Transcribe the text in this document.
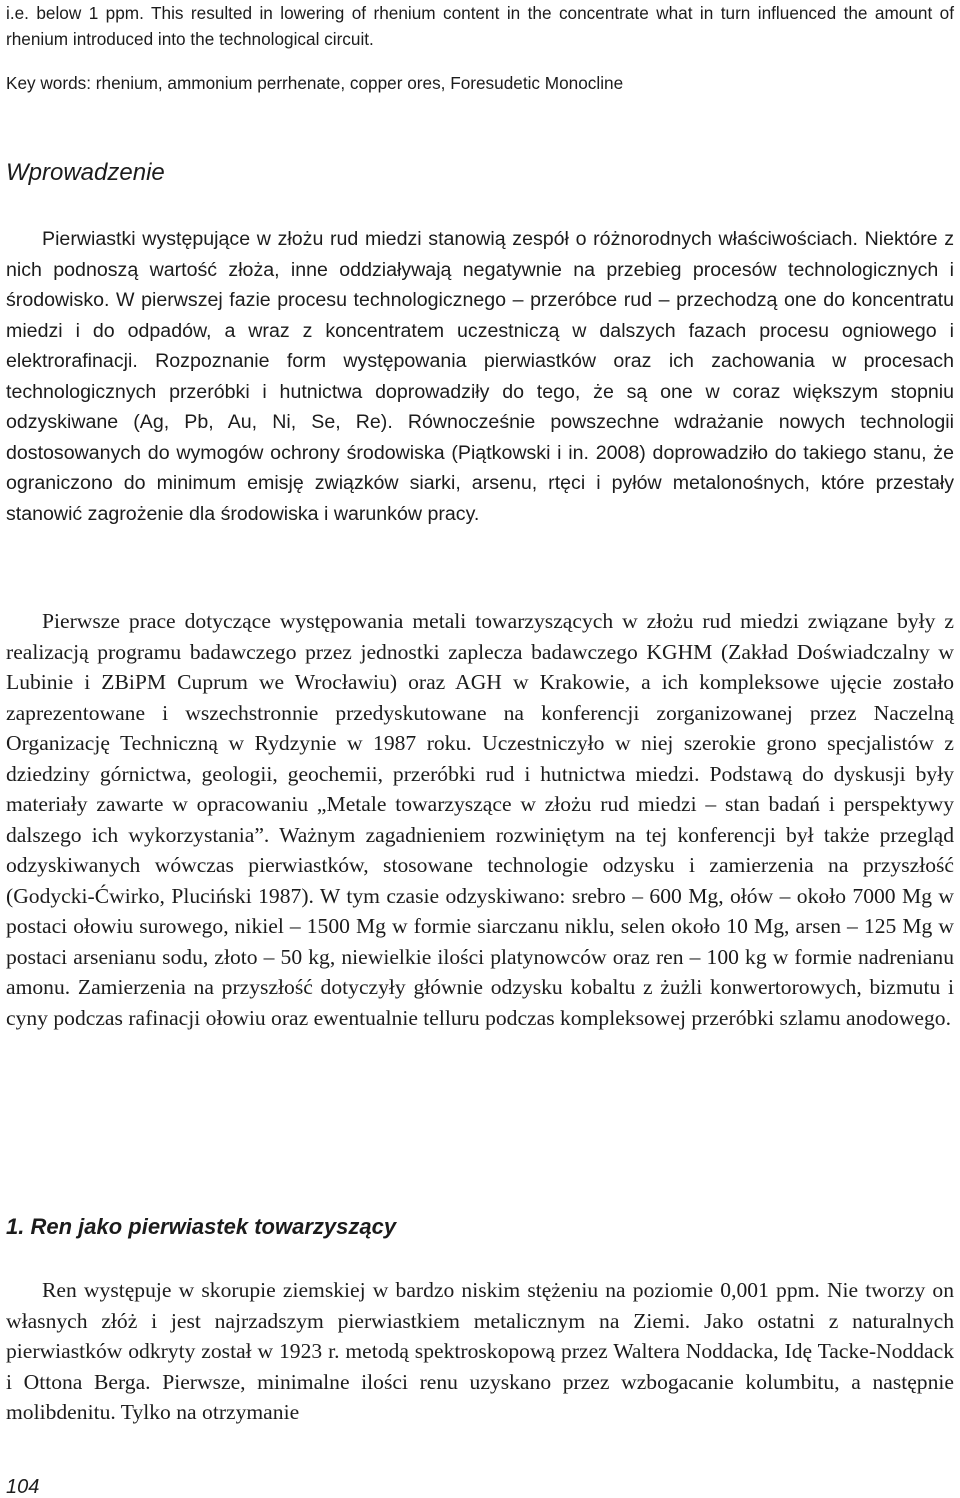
i.e. below 1 ppm. This resulted in lowering of rhenium content in the concentrate what in turn influenced the amount of rhenium introduced into the technological circuit.

Key words: rhenium, ammonium perrhenate, copper ores, Foresudetic Monocline

Wprowadzenie

Pierwiastki występujące w złożu rud miedzi stanowią zespół o różnorodnych właściwościach. Niektóre z nich podnoszą wartość złoża, inne oddziaływają negatywnie na przebieg procesów technologicznych i środowisko. W pierwszej fazie procesu technologicznego – przeróbce rud – przechodzą one do koncentratu miedzi i do odpadów, a wraz z koncentratem uczestniczą w dalszych fazach procesu ogniowego i elektrorafinacji. Rozpoznanie form występowania pierwiastków oraz ich zachowania w procesach technologicznych przeróbki i hutnictwa doprowadziły do tego, że są one w coraz większym stopniu odzyskiwane (Ag, Pb, Au, Ni, Se, Re). Równocześnie powszechne wdrażanie nowych technologii dostosowanych do wymogów ochrony środowiska (Piątkowski i in. 2008) doprowadziło do takiego stanu, że ograniczono do minimum emisję związków siarki, arsenu, rtęci i pyłów metalonośnych, które przestały stanowić zagrożenie dla środowiska i warunków pracy.

Pierwsze prace dotyczące występowania metali towarzyszących w złożu rud miedzi związane były z realizacją programu badawczego przez jednostki zaplecza badawczego KGHM (Zakład Doświadczalny w Lubinie i ZBiPM Cuprum we Wrocławiu) oraz AGH w Krakowie, a ich kompleksowe ujęcie zostało zaprezentowane i wszechstronnie przedyskutowane na konferencji zorganizowanej przez Naczelną Organizację Techniczną w Rydzynie w 1987 roku. Uczestniczyło w niej szerokie grono specjalistów z dziedziny górnictwa, geologii, geochemii, przeróbki rud i hutnictwa miedzi. Podstawą do dyskusji były materiały zawarte w opracowaniu „Metale towarzyszące w złożu rud miedzi – stan badań i perspektywy dalszego ich wykorzystania”. Ważnym zagadnieniem rozwiniętym na tej konferencji był także przegląd odzyskiwanych wówczas pierwiastków, stosowane technologie odzysku i zamierzenia na przyszłość (Godycki-Ćwirko, Pluciński 1987). W tym czasie odzyskiwano: srebro – 600 Mg, ołów – około 7000 Mg w postaci ołowiu surowego, nikiel – 1500 Mg w formie siarczanu niklu, selen około 10 Mg, arsen – 125 Mg w postaci arsenianu sodu, złoto – 50 kg, niewielkie ilości platynowców oraz ren – 100 kg w formie nadrenianu amonu. Zamierzenia na przyszłość dotyczyły głównie odzysku kobaltu z żużli konwertorowych, bizmutu i cyny podczas rafinacji ołowiu oraz ewentualnie telluru podczas kompleksowej przeróbki szlamu anodowego.

1. Ren jako pierwiastek towarzyszący

Ren występuje w skorupie ziemskiej w bardzo niskim stężeniu na poziomie 0,001 ppm. Nie tworzy on własnych złóż i jest najrzadszym pierwiastkiem metalicznym na Ziemi. Jako ostatni z naturalnych pierwiastków odkryty został w 1923 r. metodą spektroskopową przez Waltera Noddacka, Idę Tacke-Noddack i Ottona Berga. Pierwsze, minimalne ilości renu uzyskano przez wzbogacanie kolumbitu, a następnie molibdenitu. Tylko na otrzymanie

104
